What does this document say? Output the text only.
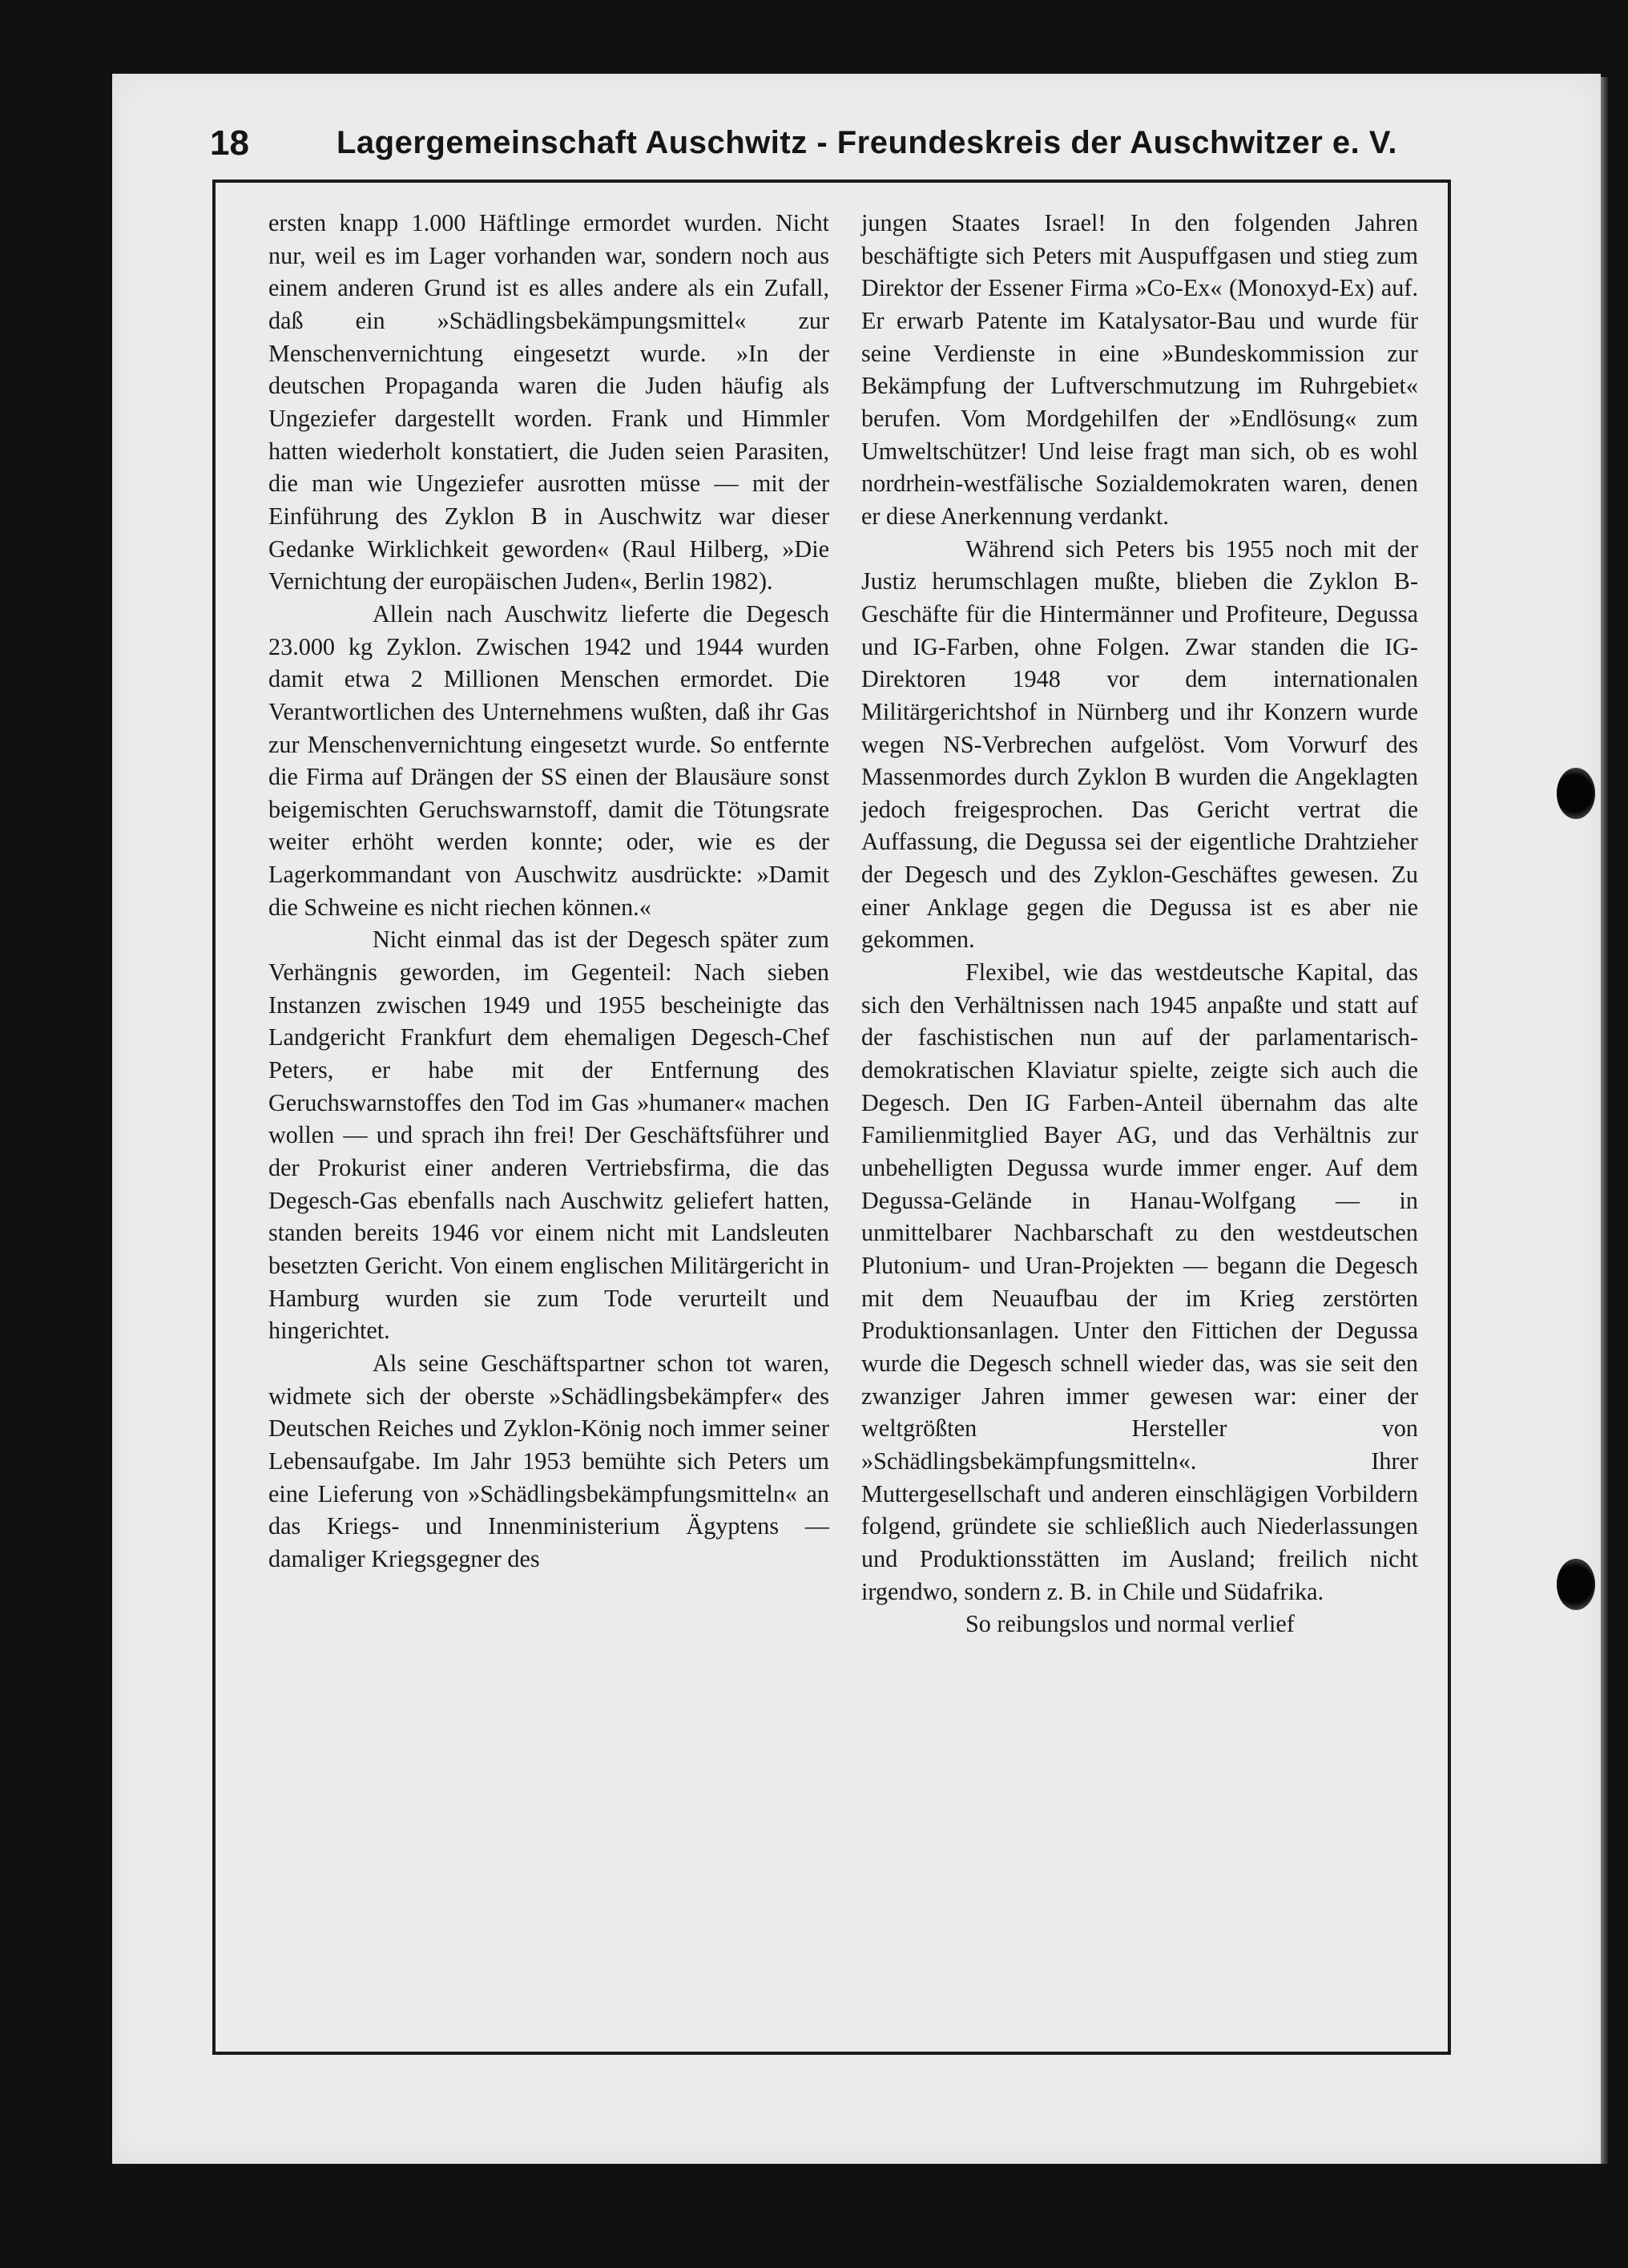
18	Lagergemeinschaft Auschwitz - Freundeskreis der Auschwitzer e. V.

ersten knapp 1.000 Häftlinge ermordet wurden. Nicht nur, weil es im Lager vorhanden war, sondern noch aus einem anderen Grund ist es alles andere als ein Zufall, daß ein »Schädlingsbekämpungsmittel« zur Menschenvernichtung eingesetzt wurde. »In der deutschen Propaganda waren die Juden häufig als Ungeziefer dargestellt worden. Frank und Himmler hatten wiederholt konstatiert, die Juden seien Parasiten, die man wie Ungeziefer ausrotten müsse — mit der Einführung des Zyklon B in Auschwitz war dieser Gedanke Wirklichkeit geworden« (Raul Hilberg, »Die Vernichtung der europäischen Juden«, Berlin 1982).

Allein nach Auschwitz lieferte die Degesch 23.000 kg Zyklon. Zwischen 1942 und 1944 wurden damit etwa 2 Millionen Menschen ermordet. Die Verantwortlichen des Unternehmens wußten, daß ihr Gas zur Menschenvernichtung eingesetzt wurde. So entfernte die Firma auf Drängen der SS einen der Blausäure sonst beigemischten Geruchswarnstoff, damit die Tötungsrate weiter erhöht werden konnte; oder, wie es der Lagerkommandant von Auschwitz ausdrückte: »Damit die Schweine es nicht riechen können.«

Nicht einmal das ist der Degesch später zum Verhängnis geworden, im Gegenteil: Nach sieben Instanzen zwischen 1949 und 1955 bescheinigte das Landgericht Frankfurt dem ehemaligen Degesch-Chef Peters, er habe mit der Entfernung des Geruchswarnstoffes den Tod im Gas »humaner« machen wollen — und sprach ihn frei! Der Geschäftsführer und der Prokurist einer anderen Vertriebsfirma, die das Degesch-Gas ebenfalls nach Auschwitz geliefert hatten, standen bereits 1946 vor einem nicht mit Landsleuten besetzten Gericht. Von einem englischen Militärgericht in Hamburg wurden sie zum Tode verurteilt und hingerichtet.

Als seine Geschäftspartner schon tot waren, widmete sich der oberste »Schädlingsbekämpfer« des Deutschen Reiches und Zyklon-König noch immer seiner Lebensaufgabe. Im Jahr 1953 bemühte sich Peters um eine Lieferung von »Schädlingsbekämpfungsmitteln« an das Kriegs- und Innenministerium Ägyptens — damaliger Kriegsgegner des

jungen Staates Israel! In den folgenden Jahren beschäftigte sich Peters mit Auspuffgasen und stieg zum Direktor der Essener Firma »Co-Ex« (Monoxyd-Ex) auf. Er erwarb Patente im Katalysator-Bau und wurde für seine Verdienste in eine »Bundeskommission zur Bekämpfung der Luftverschmutzung im Ruhrgebiet« berufen. Vom Mordgehilfen der »Endlösung« zum Umweltschützer! Und leise fragt man sich, ob es wohl nordrhein-westfälische Sozialdemokraten waren, denen er diese Anerkennung verdankt.

Während sich Peters bis 1955 noch mit der Justiz herumschlagen mußte, blieben die Zyklon B-Geschäfte für die Hintermänner und Profiteure, Degussa und IG-Farben, ohne Folgen. Zwar standen die IG-Direktoren 1948 vor dem internationalen Militärgerichtshof in Nürnberg und ihr Konzern wurde wegen NS-Verbrechen aufgelöst. Vom Vorwurf des Massenmordes durch Zyklon B wurden die Angeklagten jedoch freigesprochen. Das Gericht vertrat die Auffassung, die Degussa sei der eigentliche Drahtzieher der Degesch und des Zyklon-Geschäftes gewesen. Zu einer Anklage gegen die Degussa ist es aber nie gekommen.

Flexibel, wie das westdeutsche Kapital, das sich den Verhältnissen nach 1945 anpaßte und statt auf der faschistischen nun auf der parlamentarisch-demokratischen Klaviatur spielte, zeigte sich auch die Degesch. Den IG Farben-Anteil übernahm das alte Familienmitglied Bayer AG, und das Verhältnis zur unbehelligten Degussa wurde immer enger. Auf dem Degussa-Gelände in Hanau-Wolfgang — in unmittelbarer Nachbarschaft zu den westdeutschen Plutonium- und Uran-Projekten — begann die Degesch mit dem Neuaufbau der im Krieg zerstörten Produktionsanlagen. Unter den Fittichen der Degussa wurde die Degesch schnell wieder das, was sie seit den zwanziger Jahren immer gewesen war: einer der weltgrößten Hersteller von »Schädlingsbekämpfungsmitteln«. Ihrer Muttergesellschaft und anderen einschlägigen Vorbildern folgend, gründete sie schließlich auch Niederlassungen und Produktionsstätten im Ausland; freilich nicht irgendwo, sondern z. B. in Chile und Südafrika.

So reibungslos und normal verlief
